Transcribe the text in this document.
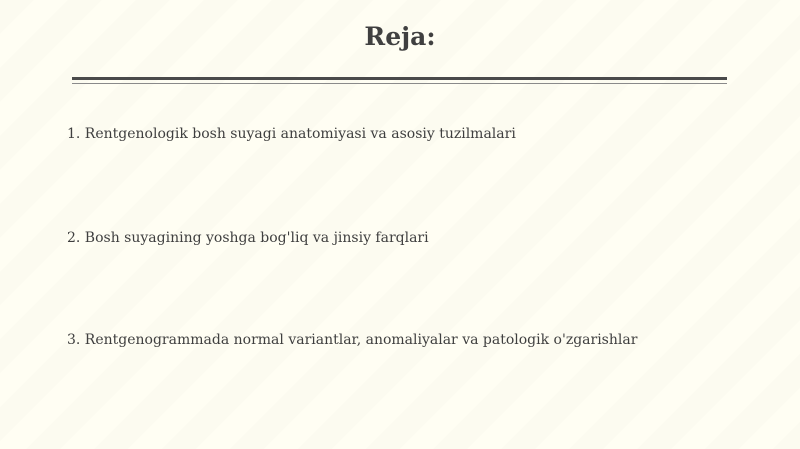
Reja:
1. Rentgenologik bosh suyagi anatomiyasi va asosiy tuzilmalari
2. Bosh suyagining yoshga bog'liq va jinsiy farqlari
3. Rentgenogrammada normal variantlar, anomaliyalar va patologik o'zgarishlar
